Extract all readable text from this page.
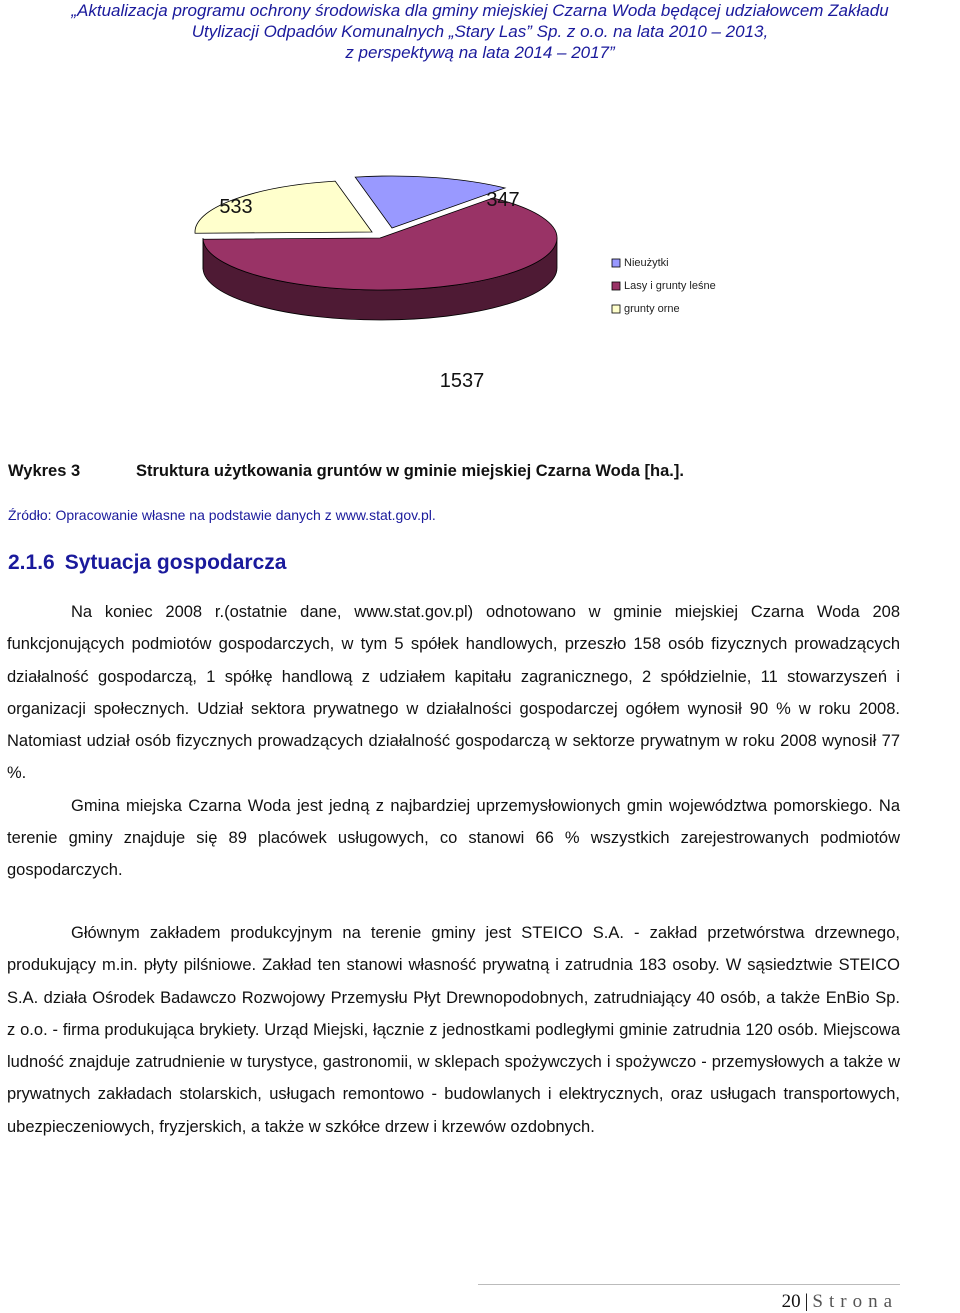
„Aktualizacja programu ochrony środowiska dla gminy miejskiej Czarna Woda będącej udziałowcem Zakładu
Utylizacji Odpadów Komunalnych „Stary Las” Sp. z o.o. na lata 2010 – 2013,
z perspektywą na lata 2014 – 2017”
347
1537
533
Nieużytki
Lasy i grunty leśne
grunty orne
Wykres 3	Struktura użytkowania gruntów w gminie miejskiej Czarna Woda [ha.].
Źródło: Opracowanie własne na podstawie danych z www.stat.gov.pl.
2.1.6 Sytuacja gospodarcza

Na koniec 2008 r.(ostatnie dane, www.stat.gov.pl) odnotowano w gminie miejskiej Czarna Woda 208 funkcjonujących podmiotów gospodarczych, w tym 5 spółek handlowych, przeszło 158 osób fizycznych prowadzących działalność gospodarczą, 1 spółkę handlową z udziałem kapitału zagranicznego, 2 spółdzielnie, 11 stowarzyszeń i organizacji społecznych. Udział sektora prywatnego w działalności gospodarczej ogółem wynosił 90 % w roku 2008. Natomiast udział osób fizycznych prowadzących działalność gospodarczą w sektorze prywatnym w roku 2008 wynosił 77 %.

Gmina miejska Czarna Woda jest jedną z najbardziej uprzemysłowionych gmin województwa pomorskiego. Na terenie gminy znajduje się 89 placówek usługowych, co stanowi 66 % wszystkich zarejestrowanych podmiotów gospodarczych.

Głównym zakładem produkcyjnym na terenie gminy jest STEICO S.A. - zakład przetwórstwa drzewnego, produkujący m.in. płyty pilśniowe. Zakład ten stanowi własność prywatną i zatrudnia 183 osoby. W sąsiedztwie STEICO S.A. działa Ośrodek Badawczo Rozwojowy Przemysłu Płyt Drewnopodobnych, zatrudniający 40 osób, a także EnBio Sp. z o.o. - firma produkująca brykiety. Urząd Miejski, łącznie z jednostkami podległymi gminie zatrudnia 120 osób. Miejscowa ludność znajduje zatrudnienie w turystyce, gastronomii, w sklepach spożywczych i spożywczo - przemysłowych a także w prywatnych zakładach stolarskich, usługach remontowo - budowlanych i elektrycznych, oraz usługach transportowych, ubezpieczeniowych, fryzjerskich, a także w szkółce drzew i krzewów ozdobnych.

20 | Strona
